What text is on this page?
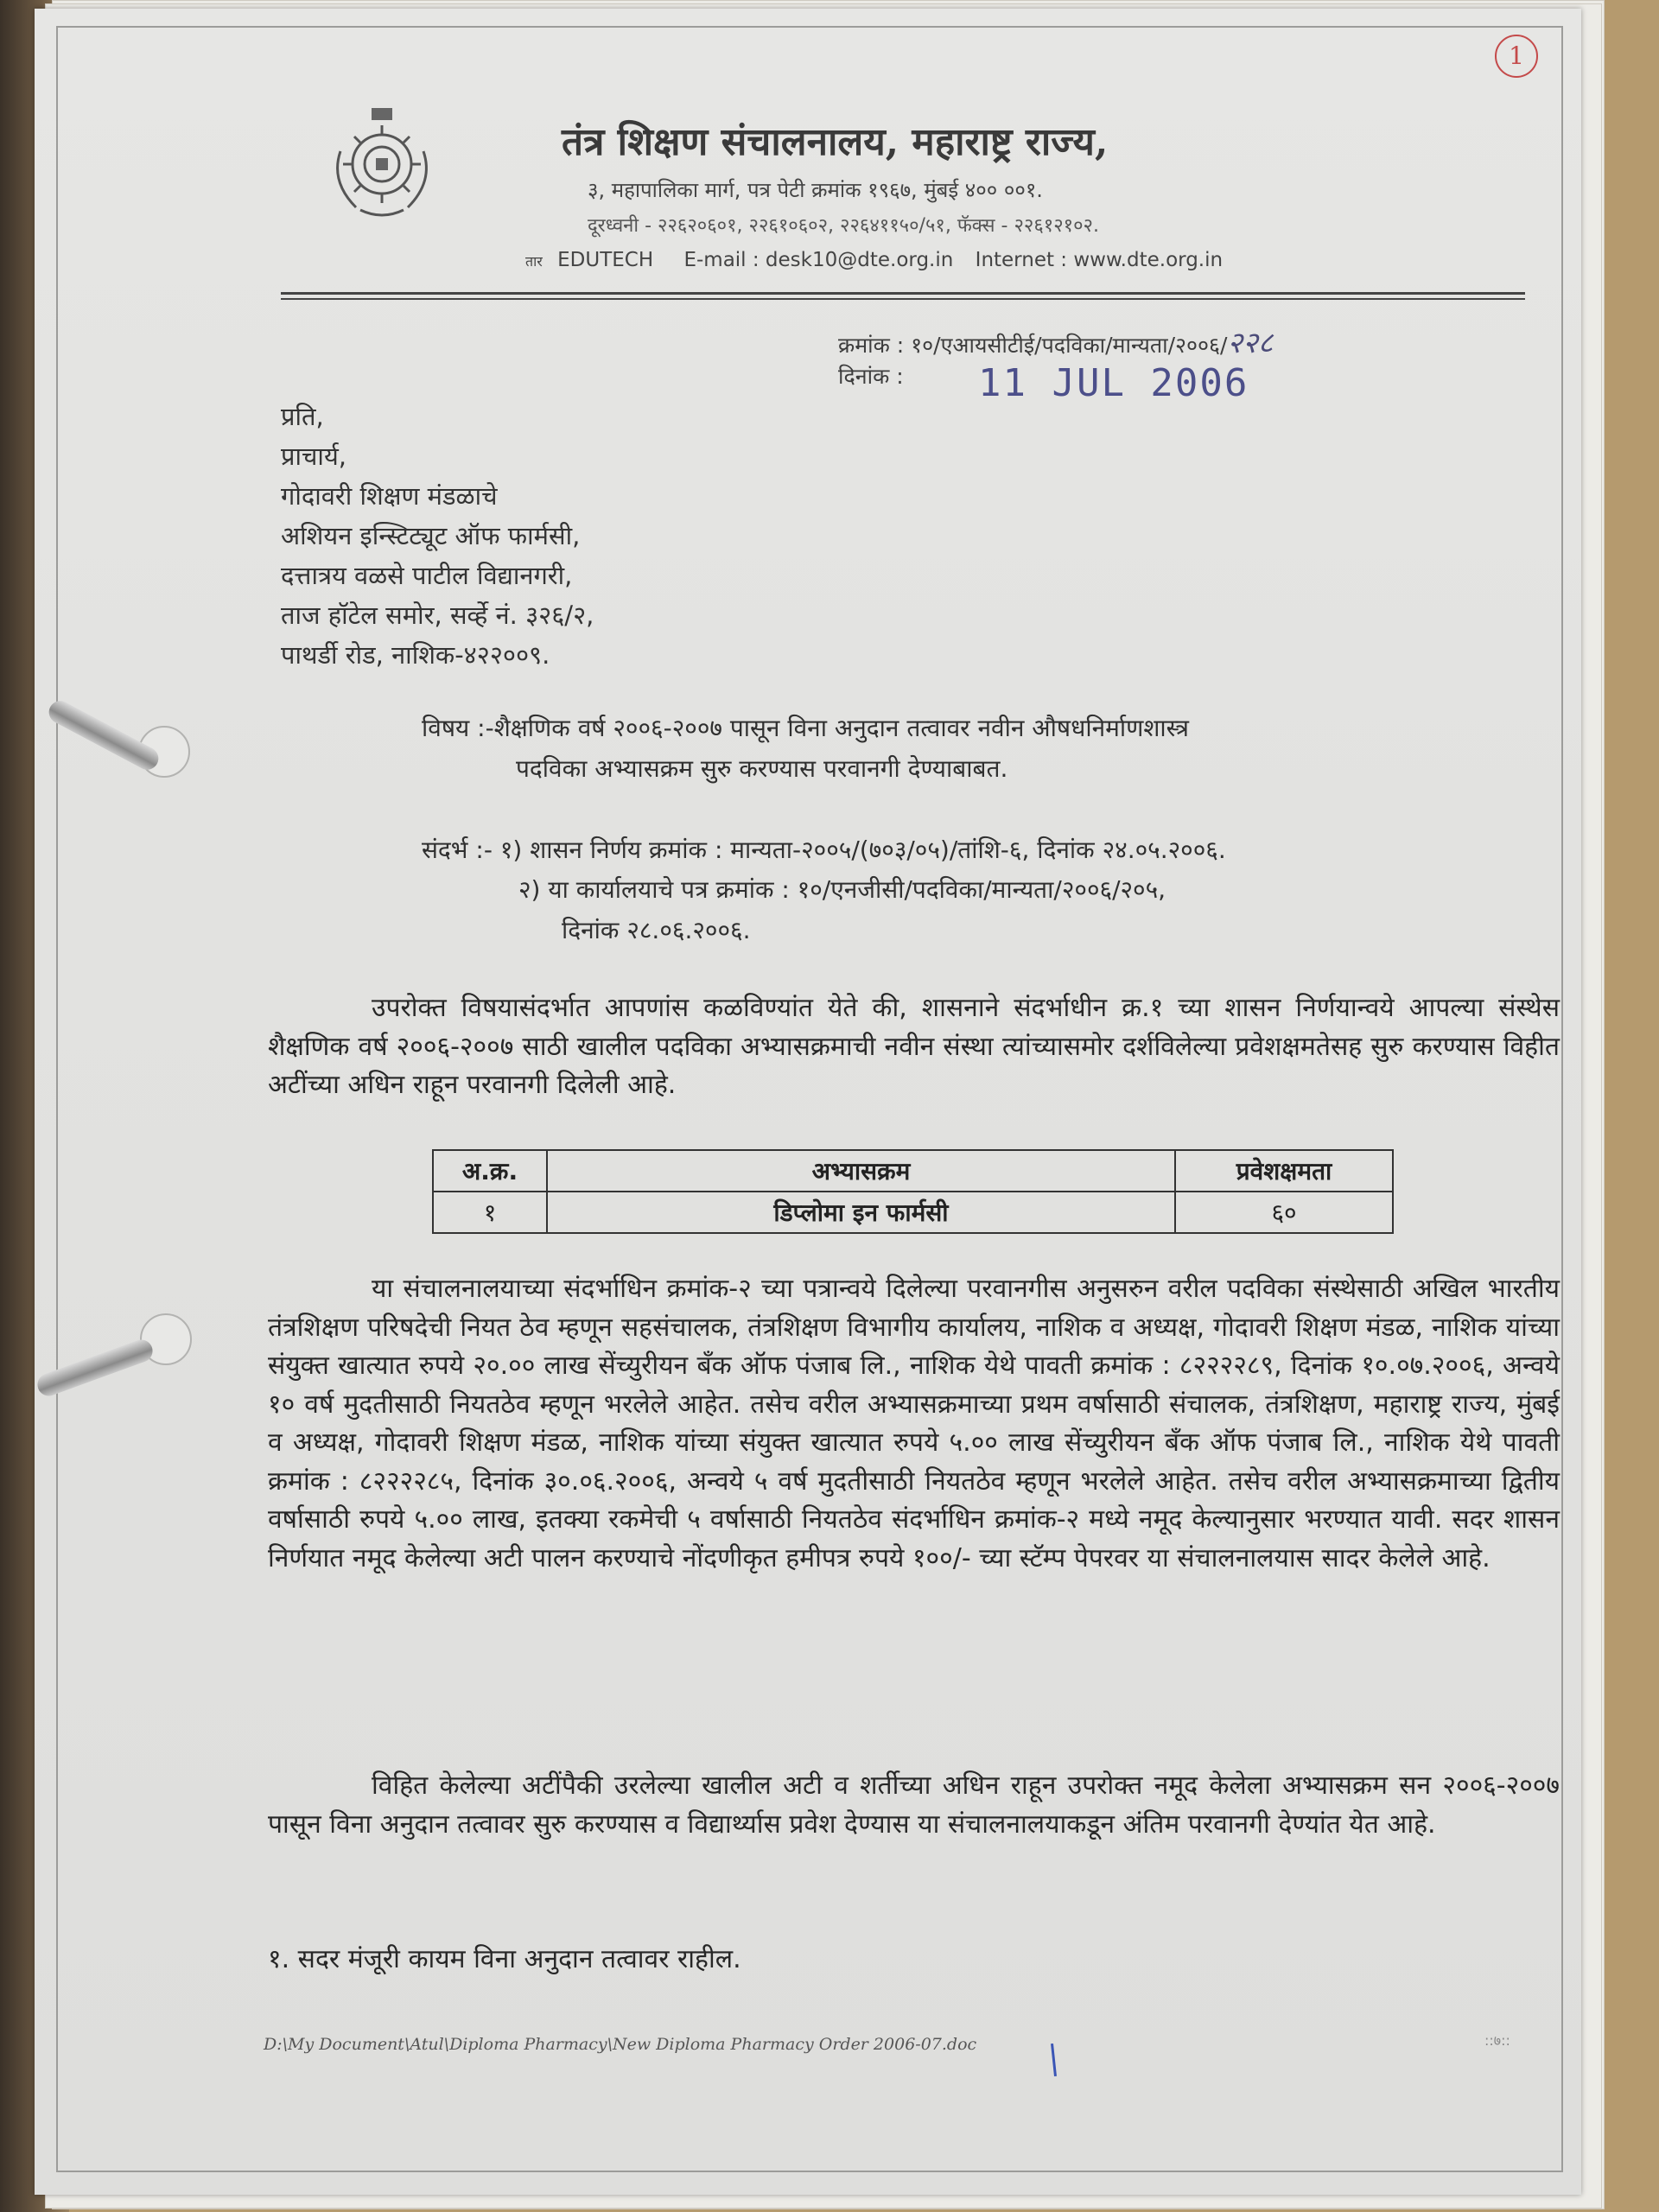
1
तंत्र शिक्षण संचालनालय, महाराष्ट्र राज्य,
३, महापालिका मार्ग, पत्र पेटी क्रमांक १९६७, मुंबई ४०० ००१.
दूरध्वनी - २२६२०६०१, २२६१०६०२, २२६४११५०/५१, फॅक्स - २२६१२१०२.
तार EDUTECH E-mail : desk10@dte.org.in Internet : www.dte.org.in
क्रमांक : १०/एआयसीटीई/पदविका/मान्यता/२००६/२२८
दिनांक : 11 JUL 2006
प्रति,
प्राचार्य,
गोदावरी शिक्षण मंडळाचे
अशियन इन्स्टिट्यूट ऑफ फार्मसी,
दत्तात्रय वळसे पाटील विद्यानगरी,
ताज हॉटेल समोर, सर्व्हे नं. ३२६/२,
पाथर्डी रोड, नाशिक-४२२००९.
विषय :-शैक्षणिक वर्ष २००६-२००७ पासून विना अनुदान तत्वावर नवीन औषधनिर्माणशास्त्र
पदविका अभ्यासक्रम सुरु करण्यास परवानगी देण्याबाबत.
संदर्भ :- १) शासन निर्णय क्रमांक : मान्यता-२००५/(७०३/०५)/तांशि-६, दिनांक २४.०५.२००६.
२) या कार्यालयाचे पत्र क्रमांक : १०/एनजीसी/पदविका/मान्यता/२००६/२०५,
दिनांक २८.०६.२००६.
उपरोक्त विषयासंदर्भात आपणांस कळविण्यांत येते की, शासनाने संदर्भाधीन क्र.१ च्या शासन निर्णयान्वये आपल्या संस्थेस शैक्षणिक वर्ष २००६-२००७ साठी खालील पदविका अभ्यासक्रमाची नवीन संस्था त्यांच्यासमोर दर्शविलेल्या प्रवेशक्षमतेसह सुरु करण्यास विहीत अटींच्या अधिन राहून परवानगी दिलेली आहे.
अ.क्र.	अभ्यासक्रम	प्रवेशक्षमता
१	डिप्लोमा इन फार्मसी	६०
या संचालनालयाच्या संदर्भाधिन क्रमांक-२ च्या पत्रान्वये दिलेल्या परवानगीस अनुसरुन वरील पदविका संस्थेसाठी अखिल भारतीय तंत्रशिक्षण परिषदेची नियत ठेव म्हणून सहसंचालक, तंत्रशिक्षण विभागीय कार्यालय, नाशिक व अध्यक्ष, गोदावरी शिक्षण मंडळ, नाशिक यांच्या संयुक्त खात्यात रुपये २०.०० लाख सेंच्युरीयन बँक ऑफ पंजाब लि., नाशिक येथे पावती क्रमांक : ८२२२२८९, दिनांक १०.०७.२००६, अन्वये १० वर्ष मुदतीसाठी नियतठेव म्हणून भरलेले आहेत. तसेच वरील अभ्यासक्रमाच्या प्रथम वर्षासाठी संचालक, तंत्रशिक्षण, महाराष्ट्र राज्य, मुंबई व अध्यक्ष, गोदावरी शिक्षण मंडळ, नाशिक यांच्या संयुक्त खात्यात रुपये ५.०० लाख सेंच्युरीयन बँक ऑफ पंजाब लि., नाशिक येथे पावती क्रमांक : ८२२२२८५, दिनांक ३०.०६.२००६, अन्वये ५ वर्ष मुदतीसाठी नियतठेव म्हणून भरलेले आहेत. तसेच वरील अभ्यासक्रमाच्या द्वितीय वर्षासाठी रुपये ५.०० लाख, इतक्या रकमेची ५ वर्षासाठी नियतठेव संदर्भाधिन क्रमांक-२ मध्ये नमूद केल्यानुसार भरण्यात यावी. सदर शासन निर्णयात नमूद केलेल्या अटी पालन करण्याचे नोंदणीकृत हमीपत्र रुपये १००/- च्या स्टॅम्प पेपरवर या संचालनालयास सादर केलेले आहे.
विहित केलेल्या अटींपैकी उरलेल्या खालील अटी व शर्तीच्या अधिन राहून उपरोक्त नमूद केलेला अभ्यासक्रम सन २००६-२००७ पासून विना अनुदान तत्वावर सुरु करण्यास व विद्यार्थ्यास प्रवेश देण्यास या संचालनालयाकडून अंतिम परवानगी देण्यांत येत आहे.
१. सदर मंजूरी कायम विना अनुदान तत्वावर राहील.
D:\My Document\Atul\Diploma Pharmacy\New Diploma Pharmacy Order 2006-07.doc	::७::
